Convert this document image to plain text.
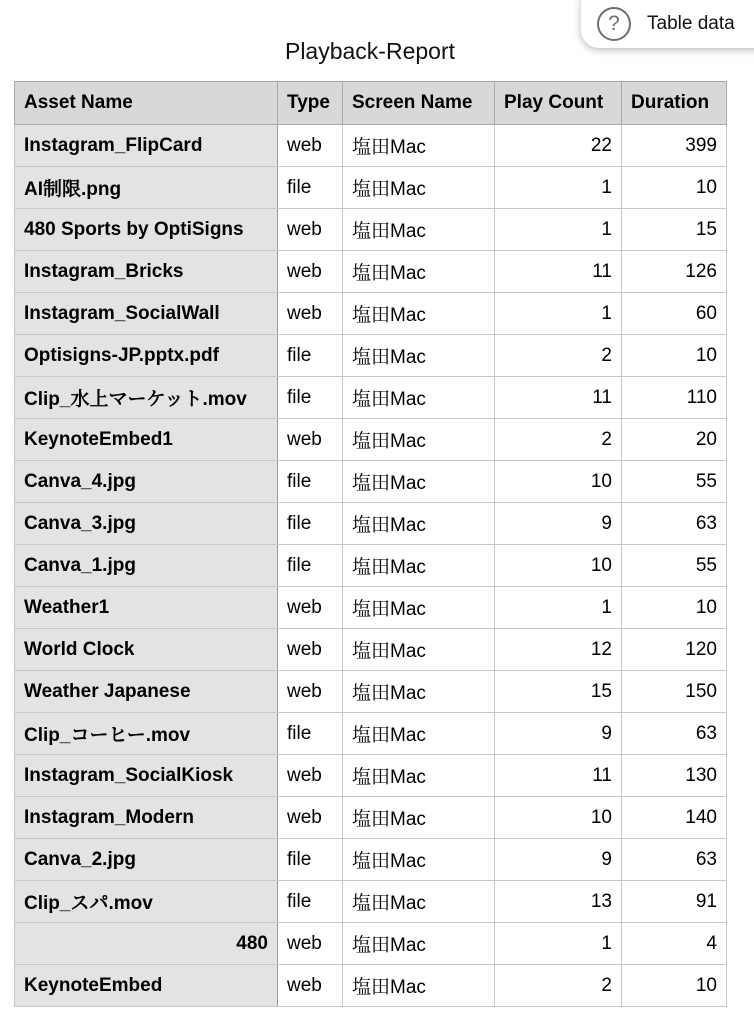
?	Table data
Playback-Report
Asset Name	Type	Screen Name	Play Count	Duration
Instagram_FlipCard	web	塩田Mac	22	399
AI制限.png	file	塩田Mac	1	10
480 Sports by OptiSigns	web	塩田Mac	1	15
Instagram_Bricks	web	塩田Mac	11	126
Instagram_SocialWall	web	塩田Mac	1	60
Optisigns-JP.pptx.pdf	file	塩田Mac	2	10
Clip_水上マーケット.mov	file	塩田Mac	11	110
KeynoteEmbed1	web	塩田Mac	2	20
Canva_4.jpg	file	塩田Mac	10	55
Canva_3.jpg	file	塩田Mac	9	63
Canva_1.jpg	file	塩田Mac	10	55
Weather1	web	塩田Mac	1	10
World Clock	web	塩田Mac	12	120
Weather Japanese	web	塩田Mac	15	150
Clip_コーヒー.mov	file	塩田Mac	9	63
Instagram_SocialKiosk	web	塩田Mac	11	130
Instagram_Modern	web	塩田Mac	10	140
Canva_2.jpg	file	塩田Mac	9	63
Clip_スパ.mov	file	塩田Mac	13	91
480	web	塩田Mac	1	4
KeynoteEmbed	web	塩田Mac	2	10
